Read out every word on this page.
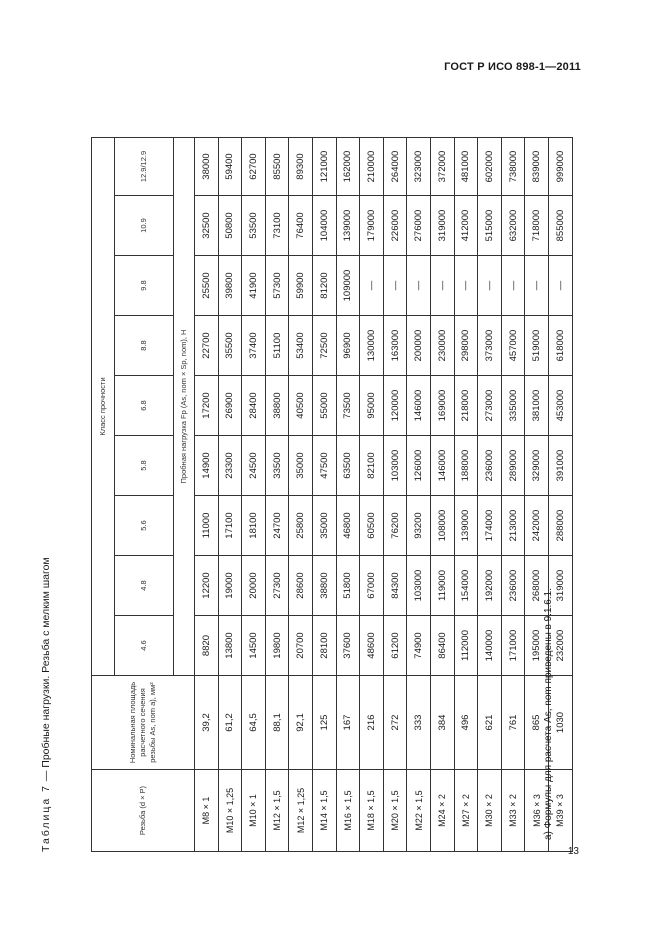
ГОСТ Р ИСО 898-1—2011
Таблица 7 — Пробные нагрузки. Резьба с мелким шагом
Резьба (d × P)	Номинальная площадь расчетного сечения резьбы As, nom a), мм²	Класс прочности								
		4.6	4.8	5.6	5.8	6.8	8.8	9.8	10.9	12.9/12.9
		Пробная нагрузка Fp (As, nom × Sp, nom), Н								
M8 × 1	39,2	8820	12200	11000	14900	17200	22700	25500	32500	38000
M10 × 1,25	61,2	13800	19000	17100	23300	26900	35500	39800	50800	59400
M10 × 1	64,5	14500	20000	18100	24500	28400	37400	41900	53500	62700
M12 × 1,5	88,1	19800	27300	24700	33500	38800	51100	57300	73100	85500
M12 × 1,25	92,1	20700	28600	25800	35000	40500	53400	59900	76400	89300
M14 × 1,5	125	28100	38800	35000	47500	55000	72500	81200	104000	121000
M16 × 1,5	167	37600	51800	46800	63500	73500	96900	109000	139000	162000
M18 × 1,5	216	48600	67000	60500	82100	95000	130000	—	179000	210000
M20 × 1,5	272	61200	84300	76200	103000	120000	163000	—	226000	264000
M22 × 1,5	333	74900	103000	93200	126000	146000	200000	—	276000	323000
M24 × 2	384	86400	119000	108000	146000	169000	230000	—	319000	372000
M27 × 2	496	112000	154000	139000	188000	218000	298000	—	412000	481000
M30 × 2	621	140000	192000	174000	236000	273000	373000	—	515000	602000
M33 × 2	761	171000	236000	213000	289000	335000	457000	—	632000	738000
M36 × 3	865	195000	268000	242000	329000	381000	519000	—	718000	839000
M39 × 3	1030	232000	319000	288000	391000	453000	618000	—	855000	999000
a) Формулы для расчета As, nom приведены в 9.1.6.1.
13
